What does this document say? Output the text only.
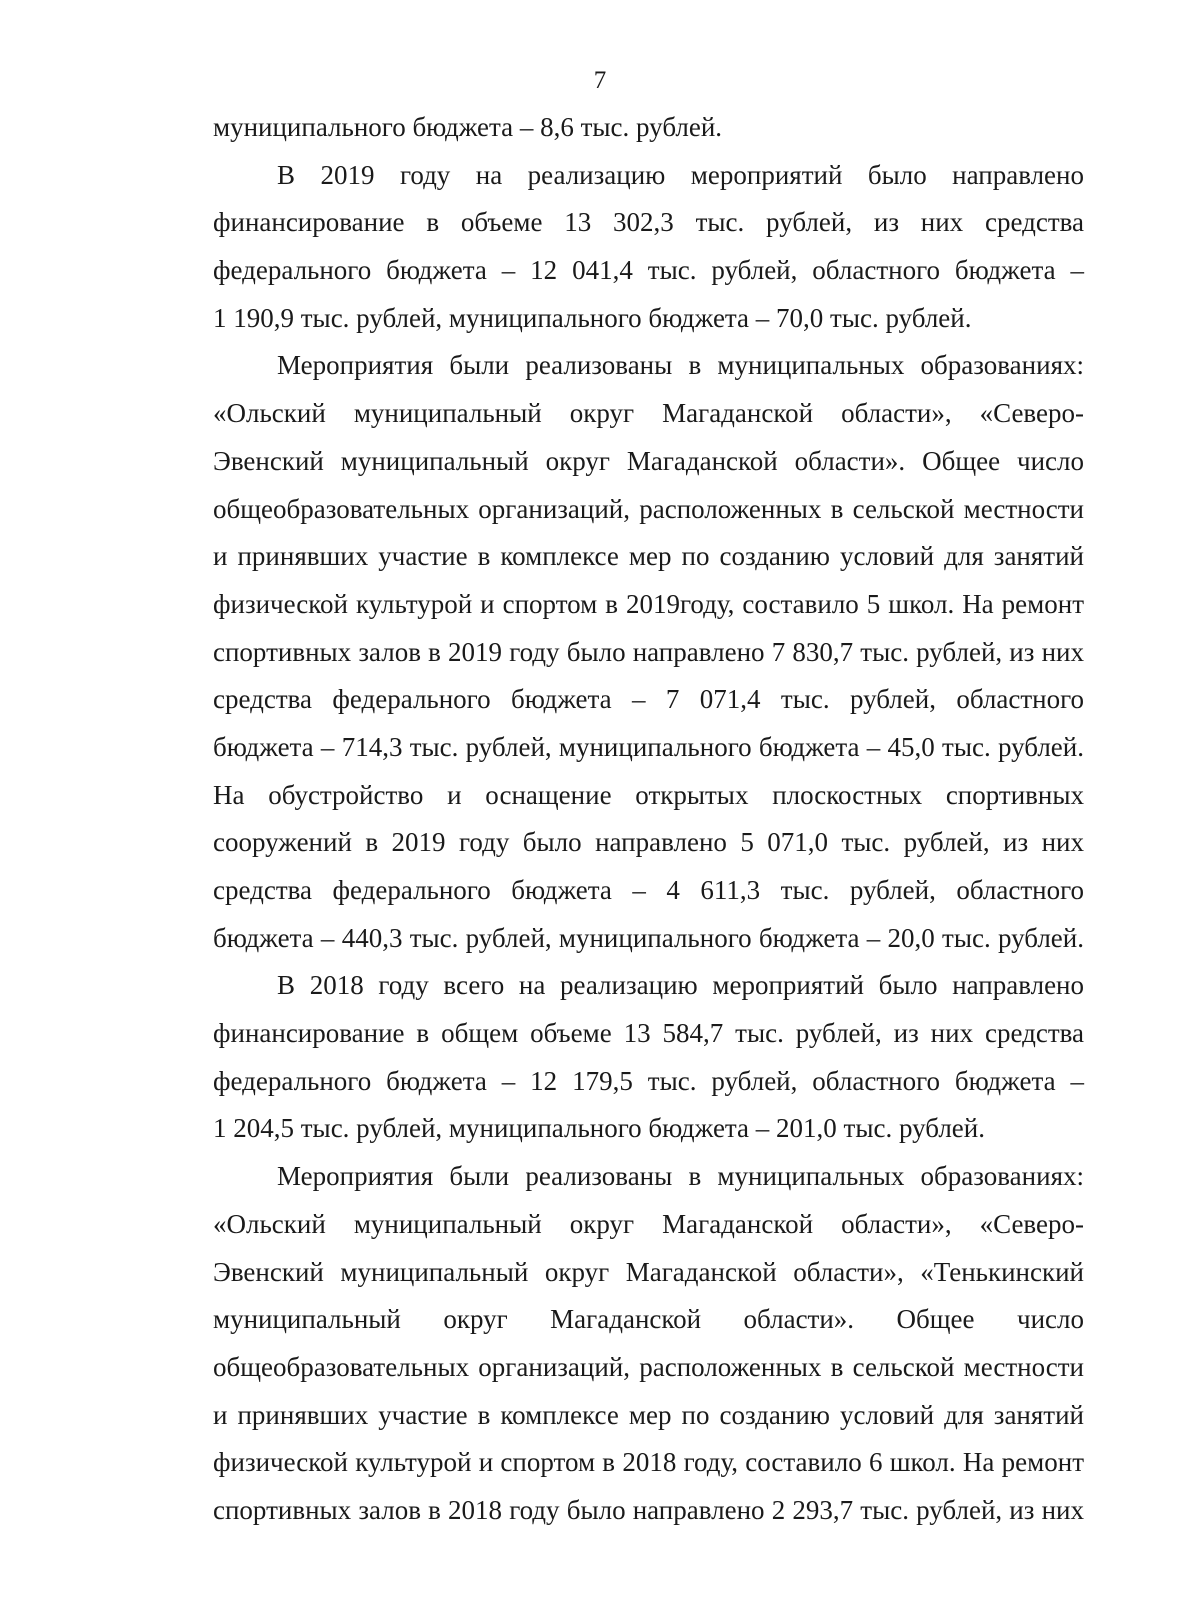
7
муниципального бюджета – 8,6 тыс. рублей.
В 2019 году на реализацию мероприятий было направлено
финансирование в объеме 13 302,3 тыс. рублей, из них средства
федерального бюджета – 12 041,4 тыс. рублей, областного бюджета –
1 190,9 тыс. рублей, муниципального бюджета – 70,0 тыс. рублей.
Мероприятия были реализованы в муниципальных образованиях:
«Ольский муниципальный округ Магаданской области», «Северо-
Эвенский муниципальный округ Магаданской области». Общее число
общеобразовательных организаций, расположенных в сельской местности
и принявших участие в комплексе мер по созданию условий для занятий
физической культурой и спортом в 2019году, составило 5 школ. На ремонт
спортивных залов в 2019 году было направлено 7 830,7 тыс. рублей, из них
средства федерального бюджета – 7 071,4 тыс. рублей, областного
бюджета – 714,3 тыс. рублей, муниципального бюджета – 45,0 тыс. рублей.
На обустройство и оснащение открытых плоскостных спортивных
сооружений в 2019 году было направлено 5 071,0 тыс. рублей, из них
средства федерального бюджета – 4 611,3 тыс. рублей, областного
бюджета – 440,3 тыс. рублей, муниципального бюджета – 20,0 тыс. рублей.
В 2018 году всего на реализацию мероприятий было направлено
финансирование в общем объеме 13 584,7 тыс. рублей, из них средства
федерального бюджета – 12 179,5 тыс. рублей, областного бюджета –
1 204,5 тыс. рублей, муниципального бюджета – 201,0 тыс. рублей.
Мероприятия были реализованы в муниципальных образованиях:
«Ольский муниципальный округ Магаданской области», «Северо-
Эвенский муниципальный округ Магаданской области», «Тенькинский
муниципальный округ Магаданской области». Общее число
общеобразовательных организаций, расположенных в сельской местности
и принявших участие в комплексе мер по созданию условий для занятий
физической культурой и спортом в 2018 году, составило 6 школ. На ремонт
спортивных залов в 2018 году было направлено 2 293,7 тыс. рублей, из них
